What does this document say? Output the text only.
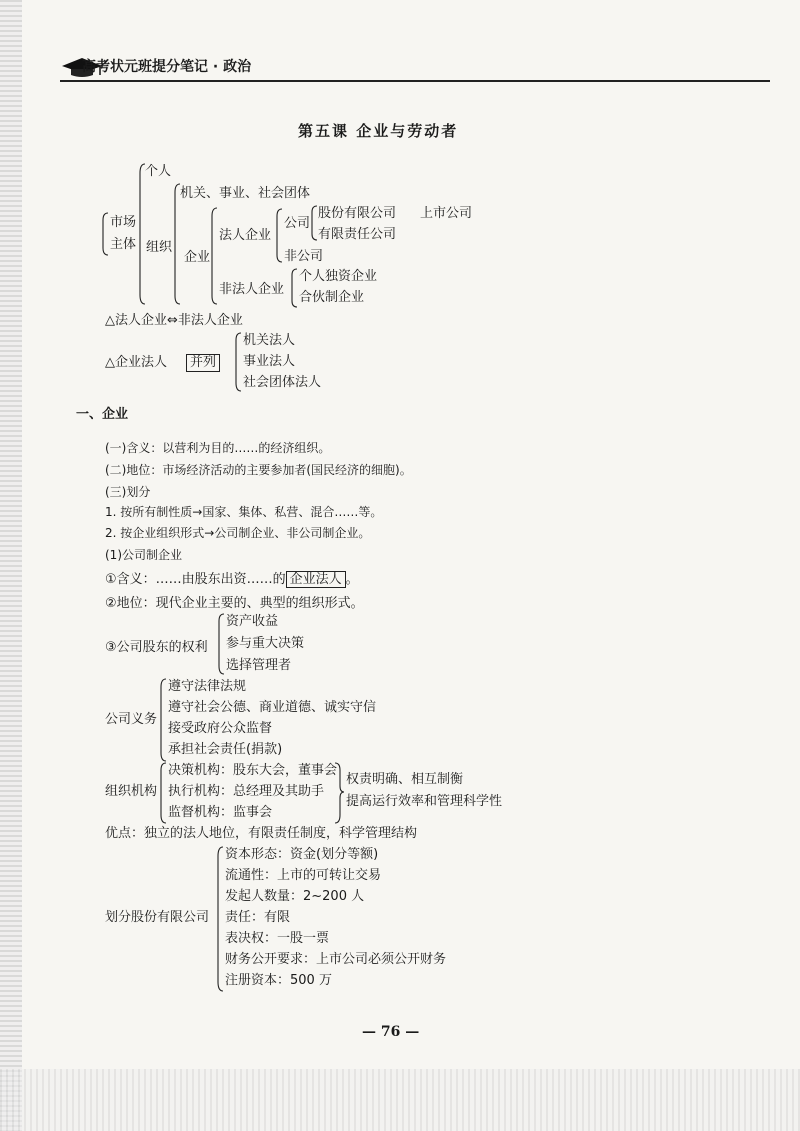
高考状元班提分笔记 · 政治
第五课 企业与劳动者
市场
主体
个人
组织
机关、事业、社会团体
企业
法人企业
公司
非公司
股份有限公司 上市公司
有限责任公司
非法人企业
个人独资企业
合伙制企业
△法人企业⇔非法人企业
△企业法人	并列
机关法人
事业法人
社会团体法人
一、企业
(一)含义：以营利为目的……的经济组织。
(二)地位：市场经济活动的主要参加者(国民经济的细胞)。
(三)划分
1. 按所有制性质→国家、集体、私营、混合……等。
2. 按企业组织形式→公司制企业、非公司制企业。
(1)公司制企业
①含义：……由股东出资……的 企业法人 。
②地位：现代企业主要的、典型的组织形式。
③公司股东的权利
资产收益
参与重大决策
选择管理者
公司义务
遵守法律法规
遵守社会公德、商业道德、诚实守信
接受政府公众监督
承担社会责任(捐款)
组织机构
决策机构：股东大会，董事会
执行机构：总经理及其助手
监督机构：监事会
权责明确、相互制衡
提高运行效率和管理科学性
优点：独立的法人地位，有限责任制度，科学管理结构
划分股份有限公司
资本形态：资金(划分等额)
流通性：上市的可转让交易
发起人数量：2~200 人
责任：有限
表决权：一股一票
财务公开要求：上市公司必须公开财务
注册资本：500 万
— 76 —
